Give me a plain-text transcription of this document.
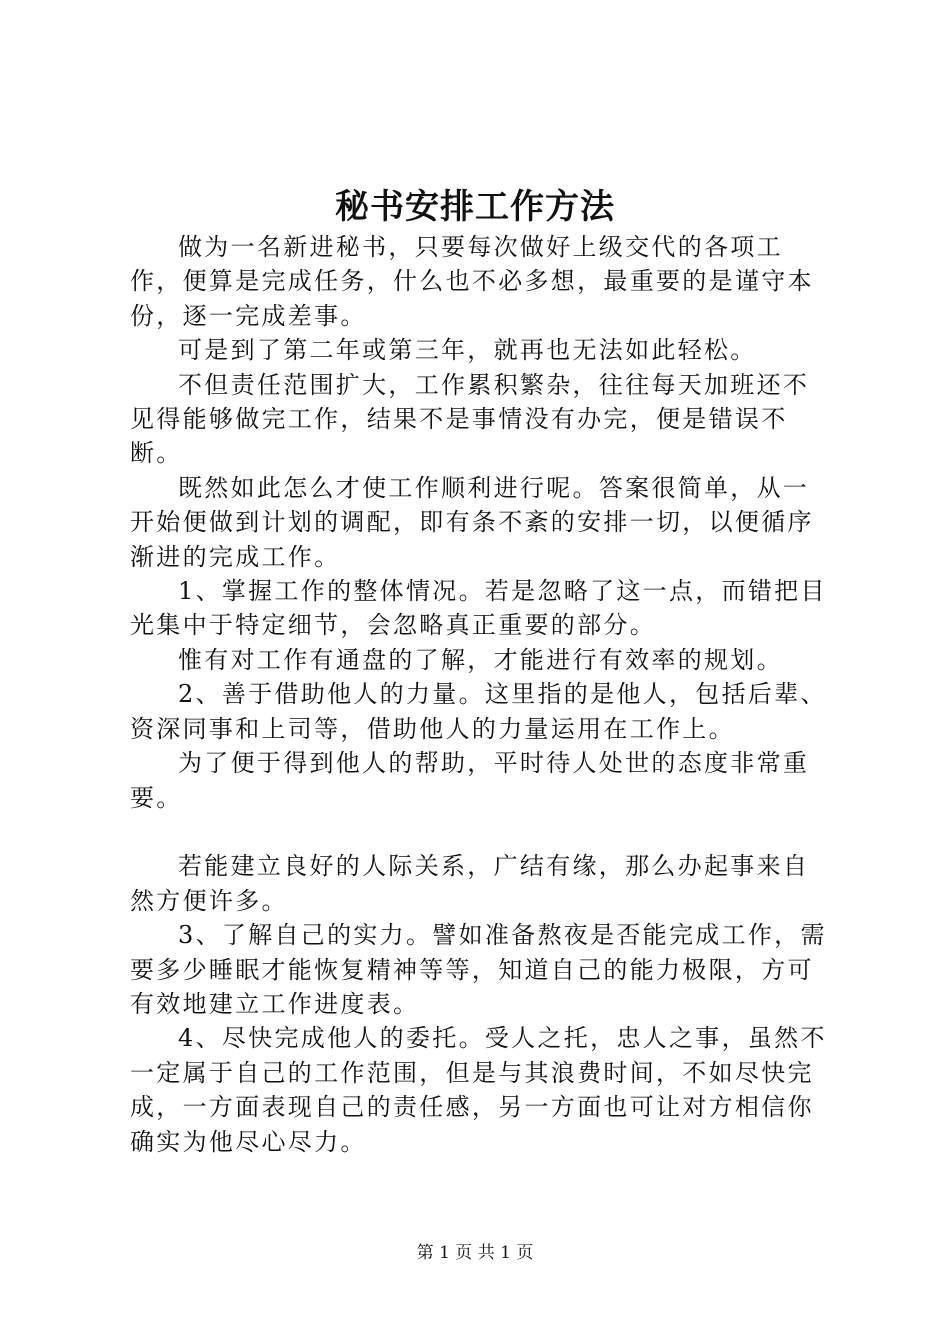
秘书安排工作方法

做为一名新进秘书，只要每次做好上级交代的各项工作，便算是完成任务，什么也不必多想，最重要的是谨守本份，逐一完成差事。

可是到了第二年或第三年，就再也无法如此轻松。

不但责任范围扩大，工作累积繁杂，往往每天加班还不见得能够做完工作，结果不是事情没有办完，便是错误不断。

既然如此怎么才使工作顺利进行呢。答案很简单，从一开始便做到计划的调配，即有条不紊的安排一切，以便循序渐进的完成工作。

1、掌握工作的整体情况。若是忽略了这一点，而错把目光集中于特定细节，会忽略真正重要的部分。

惟有对工作有通盘的了解，才能进行有效率的规划。

2、善于借助他人的力量。这里指的是他人，包括后辈、资深同事和上司等，借助他人的力量运用在工作上。

为了便于得到他人的帮助，平时待人处世的态度非常重要。

若能建立良好的人际关系，广结有缘，那么办起事来自然方便许多。

3、了解自己的实力。譬如准备熬夜是否能完成工作，需要多少睡眠才能恢复精神等等，知道自己的能力极限，方可有效地建立工作进度表。

4、尽快完成他人的委托。受人之托，忠人之事，虽然不一定属于自己的工作范围，但是与其浪费时间，不如尽快完成，一方面表现自己的责任感，另一方面也可让对方相信你确实为他尽心尽力。

第 1 页 共 1 页
